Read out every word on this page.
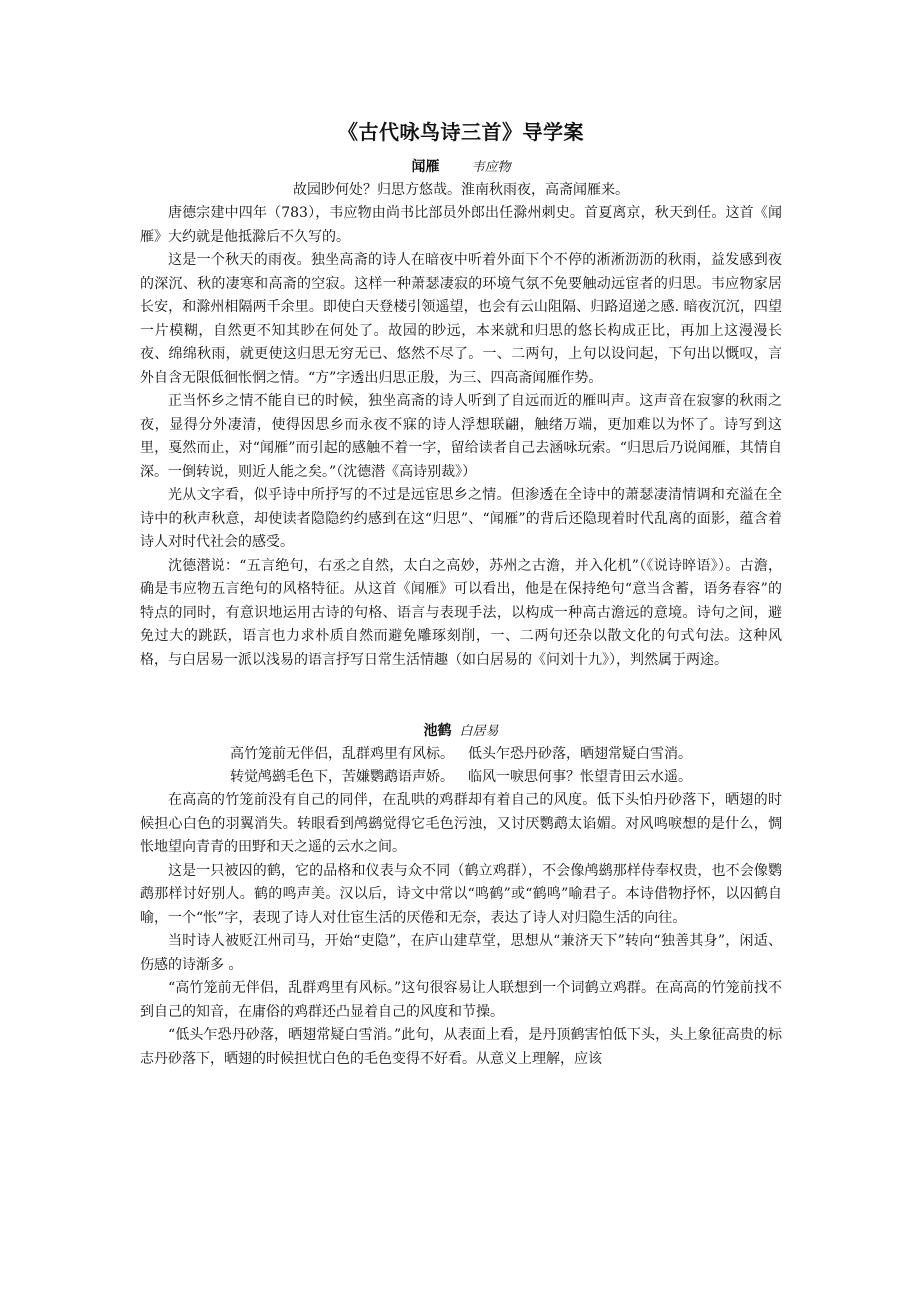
《古代咏鸟诗三首》导学案

闻雁 韦应物

故园眇何处？归思方悠哉。淮南秋雨夜，高斋闻雁来。

唐德宗建中四年（783），韦应物由尚书比部员外郎出任滁州刺史。首夏离京，秋天到任。这首《闻雁》大约就是他抵滁后不久写的。

这是一个秋天的雨夜。独坐高斋的诗人在暗夜中听着外面下个不停的淅淅沥沥的秋雨，益发感到夜的深沉、秋的凄寒和高斋的空寂。这样一种萧瑟凄寂的环境气氛不免要触动远宦者的归思。韦应物家居长安，和滁州相隔两千余里。即使白天登楼引领遥望，也会有云山阻隔、归路迢递之感. 暗夜沉沉，四望一片模糊，自然更不知其眇在何处了。故园的眇远，本来就和归思的悠长构成正比，再加上这漫漫长夜、绵绵秋雨，就更使这归思无穷无已、悠然不尽了。一、二两句，上句以设问起，下句出以慨叹，言外自含无限低徊怅惘之情。“方”字透出归思正殷，为三、四高斋闻雁作势。

正当怀乡之情不能自已的时候，独坐高斋的诗人听到了自远而近的雁叫声。这声音在寂寥的秋雨之夜，显得分外凄清，使得因思乡而永夜不寐的诗人浮想联翩，触绪万端，更加难以为怀了。诗写到这里，戛然而止，对“闻雁”而引起的感触不着一字，留给读者自己去涵咏玩索。“归思后乃说闻雁，其情自深。一倒转说，则近人能之矣。”（沈德潜《高诗别裁》）

光从文字看，似乎诗中所抒写的不过是远宦思乡之情。但渗透在全诗中的萧瑟凄清情调和充溢在全诗中的秋声秋意，却使读者隐隐约约感到在这“归思”、“闻雁”的背后还隐现着时代乱离的面影，蕴含着诗人对时代社会的感受。

沈德潜说：“五言绝句，右丞之自然，太白之高妙，苏州之古澹，并入化机”（《说诗晬语》）。古澹，确是韦应物五言绝句的风格特征。从这首《闻雁》可以看出，他是在保持绝句“意当含蓄，语务春容”的特点的同时，有意识地运用古诗的句格、语言与表现手法，以构成一种高古澹远的意境。诗句之间，避免过大的跳跃，语言也力求朴质自然而避免雕琢刻削，一、二两句还杂以散文化的句式句法。这种风格，与白居易一派以浅易的语言抒写日常生活情趣（如白居易的《问刘十九》），判然属于两途。

池鹤 白居易

高竹笼前无伴侣，乱群鸡里有风标。 低头乍恐丹砂落，晒翅常疑白雪消。

转觉鸬鹚毛色下，苦嫌鹦鹉语声娇。 临风一唳思何事？怅望青田云水遥。

在高高的竹笼前没有自己的同伴，在乱哄的鸡群却有着自己的风度。低下头怕丹砂落下，晒翅的时候担心白色的羽翼消失。转眼看到鸬鹚觉得它毛色污浊，又讨厌鹦鹉太谄媚。对风鸣唳想的是什么，惆怅地望向青青的田野和天之遥的云水之间。

这是一只被囚的鹤，它的品格和仪表与众不同（鹤立鸡群），不会像鸬鹚那样侍奉权贵，也不会像鹦鹉那样讨好别人。鹤的鸣声美。汉以后，诗文中常以“鸣鹤”或“鹤鸣”喻君子。本诗借物抒怀，以囚鹤自喻，一个“怅”字，表现了诗人对仕宦生活的厌倦和无奈，表达了诗人对归隐生活的向往。

当时诗人被贬江州司马，开始“吏隐”，在庐山建草堂，思想从“兼济天下”转向“独善其身”，闲适、伤感的诗渐多 。

“高竹笼前无伴侣，乱群鸡里有风标。”这句很容易让人联想到一个词鹤立鸡群。在高高的竹笼前找不到自己的知音，在庸俗的鸡群还凸显着自己的风度和节操。

“低头乍恐丹砂落，晒翅常疑白雪消。”此句，从表面上看，是丹顶鹤害怕低下头，头上象征高贵的标志丹砂落下，晒翅的时候担忧白色的毛色变得不好看。从意义上理解，应该
